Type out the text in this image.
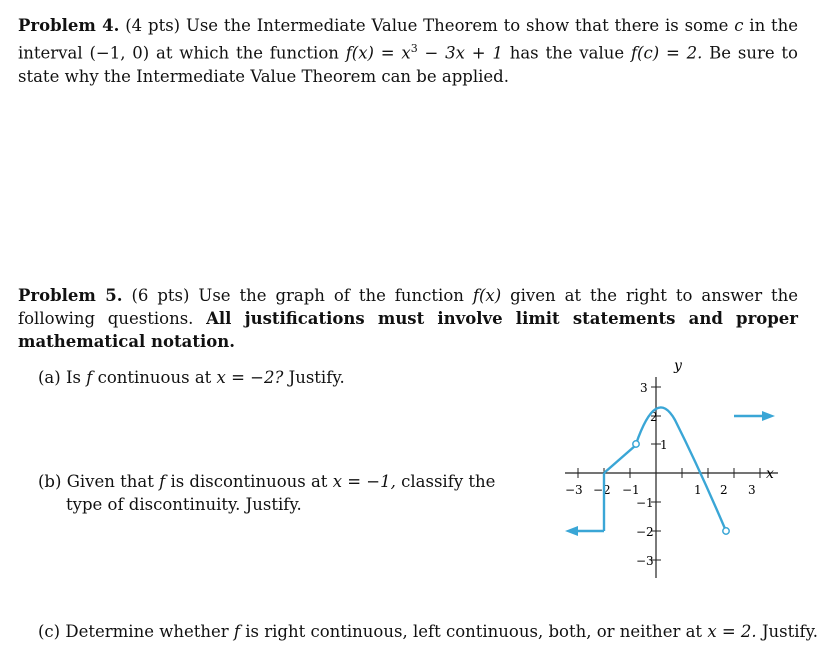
Problem 4. (4 pts) Use the Intermediate Value Theorem to show that there is some c in the interval (−1, 0) at which the function $f(x) = x^3 - 3x + 1$ has the value f(c) = 2. Be sure to state why the Intermediate Value Theorem can be applied.
Problem 5. (6 pts) Use the graph of the function f(x) given at the right to answer the following questions. All justifications must involve limit statements and proper mathematical notation.
(a) Is f continuous at x = −2? Justify.
(b) Given that f is discontinuous at x = −1, classify the
type of discontinuity. Justify.
(c) Determine whether f is right continuous, left continuous, both, or neither at x = 2. Justify.
y
x
−3 −2 −1	1 2 3
3
2
1
−1
−2
−3
